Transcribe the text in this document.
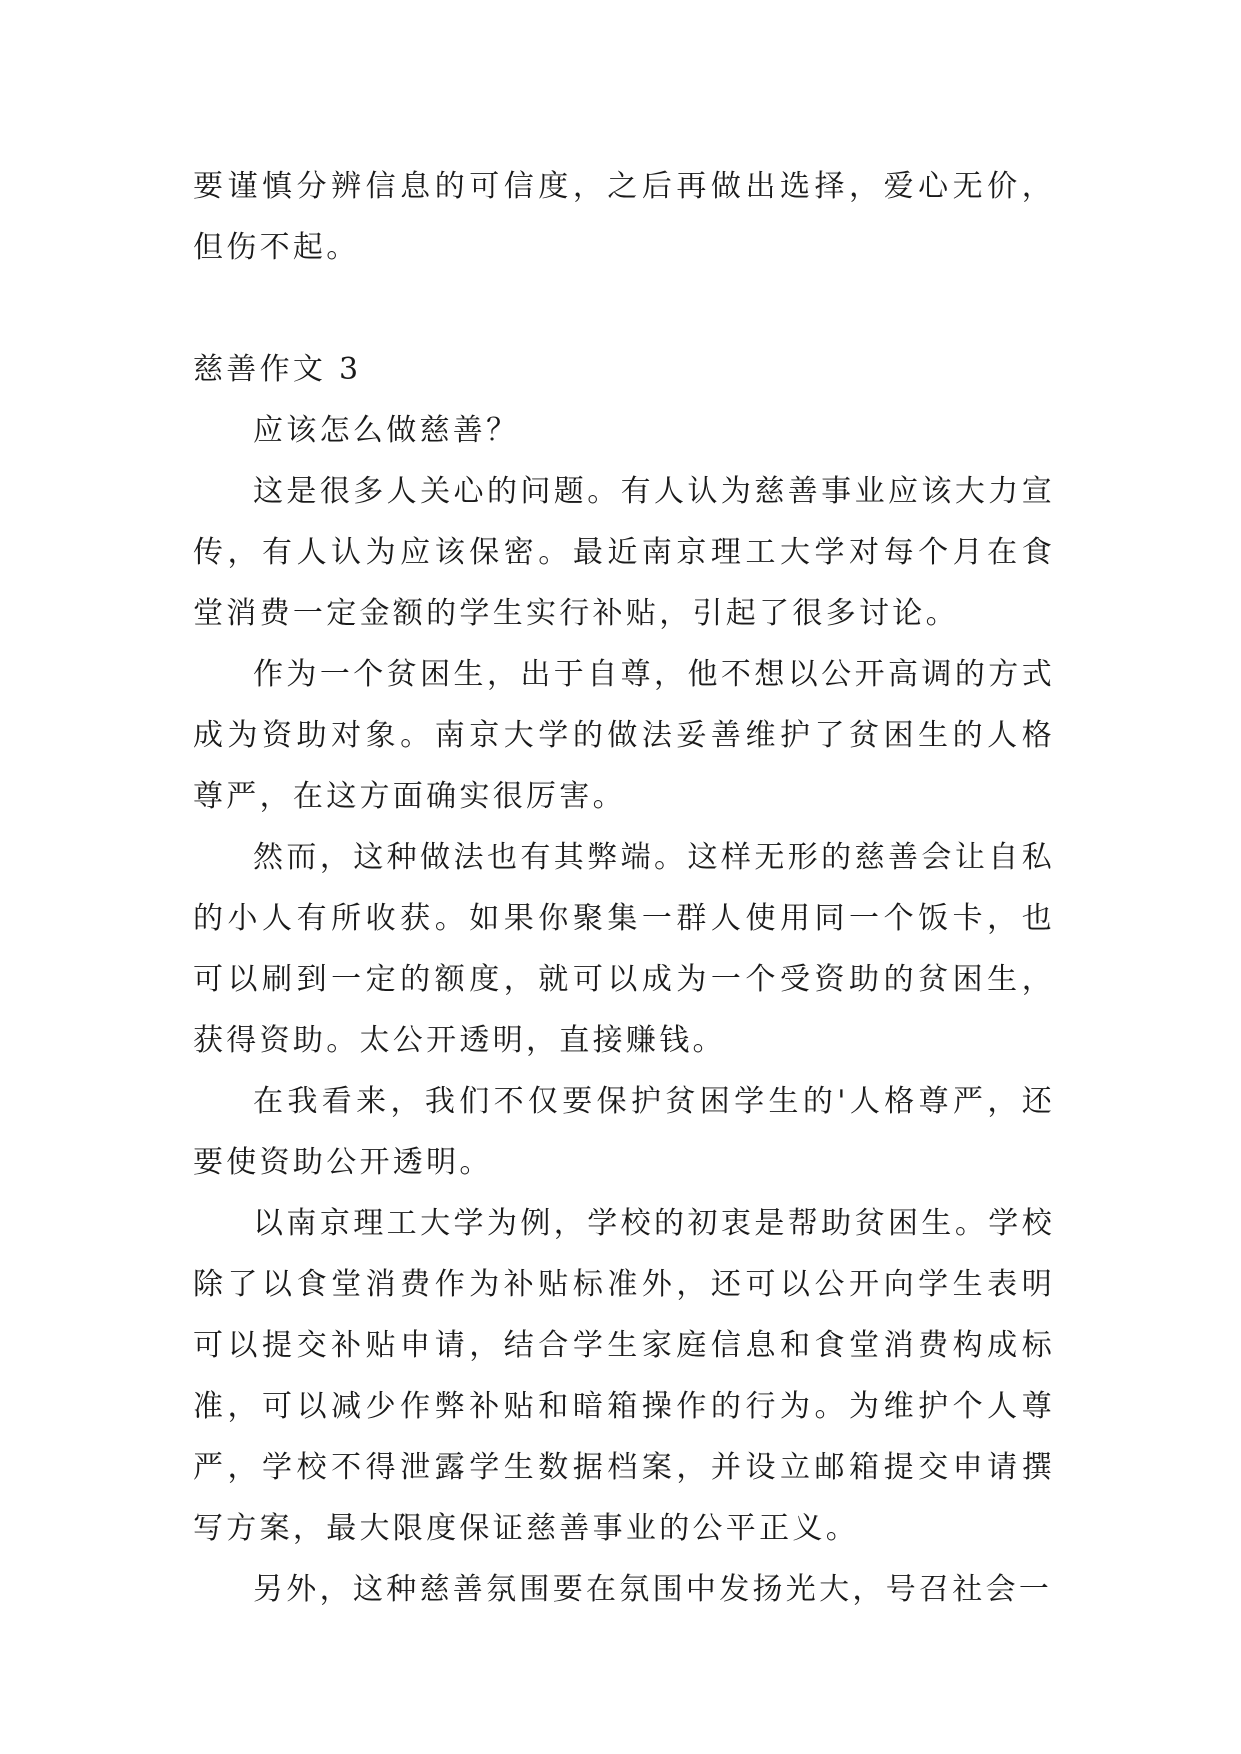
要谨慎分辨信息的可信度，之后再做出选择，爱心无价，但伤不起。

慈善作文 3

应该怎么做慈善？

这是很多人关心的问题。有人认为慈善事业应该大力宣传，有人认为应该保密。最近南京理工大学对每个月在食堂消费一定金额的学生实行补贴，引起了很多讨论。

作为一个贫困生，出于自尊，他不想以公开高调的方式成为资助对象。南京大学的做法妥善维护了贫困生的人格尊严，在这方面确实很厉害。

然而，这种做法也有其弊端。这样无形的慈善会让自私的小人有所收获。如果你聚集一群人使用同一个饭卡，也可以刷到一定的额度，就可以成为一个受资助的贫困生，获得资助。太公开透明，直接赚钱。

在我看来，我们不仅要保护贫困学生的'人格尊严，还要使资助公开透明。

以南京理工大学为例，学校的初衷是帮助贫困生。学校除了以食堂消费作为补贴标准外，还可以公开向学生表明可以提交补贴申请，结合学生家庭信息和食堂消费构成标准，可以减少作弊补贴和暗箱操作的行为。为维护个人尊严，学校不得泄露学生数据档案，并设立邮箱提交申请撰写方案，最大限度保证慈善事业的公平正义。

另外，这种慈善氛围要在氛围中发扬光大，号召社会一
